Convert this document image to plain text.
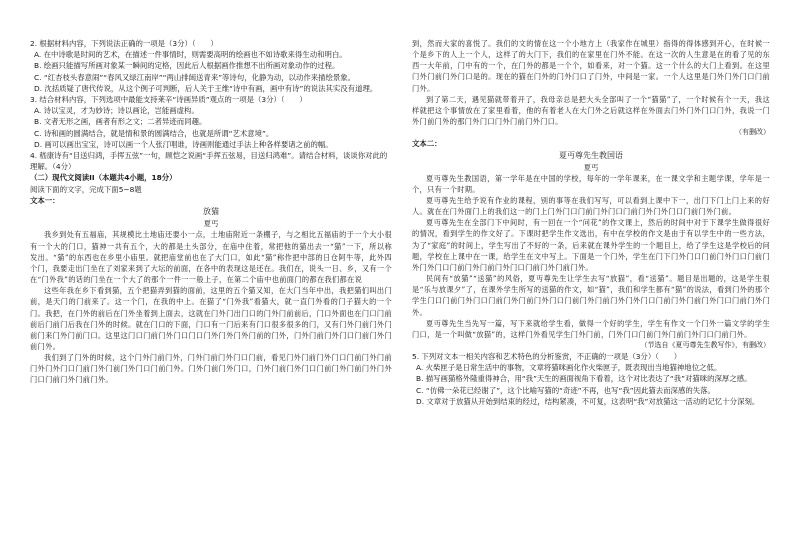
2. 根据材料内容，下列说法正确的一项是（3分）（　　）

A. 在中诗歌是时间的艺术，在描述一件事情时，则需要高明的绘画也不如诗歌来得生动和明白。

B. 绘画只能描写所画对象某一瞬间的定格，因此后人根据画作推想不出所画对象动作的过程。

C. “红杏枝头春意闹”“春风又绿江南岸”“两山排闼送青来”等诗句，化静为动，以动作来描绘景象。

D. 沈括质疑了唐代传说，从这个例子可判断，后人关于王维“诗中有画，画中有诗”的说法其实没有道理。

3. 结合材料内容，下列选项中最能支持莱辛“诗画异质”观点的一项是（3分）（　　）

A. 诗以宝灵，才为妙诗；诗以画论，岂能画虚构。

B. 文者无形之画，画者有形之文；二者异迹而同趣。

C. 诗和画的圆满结合，就是情和景的圆满结合，也就是所谓“艺术意境”。

D. 画可以画出宝宝，诗可以画一个人张汀唱谁，诗画则能通过手法上种各样要诸之前的幅。

4. 嵇康诗有“目送归鸿，手挥五弦”一句，顾恺之说画“手挥五弦易，目送归鸿难”。请结合材料，谈谈你对此的理解。（4分）

（二）现代文阅读II（本题共4小题，18分）

阅读下面的文字，完成下面5~8题

文本一：

放猫

夏丐

我乡到处有五福庙，其规模比土地庙还要小一点，土地庙附近一条棚子，与之相比五福庙的于一个大小很有一个大的门口，猫神一共有五个，大的都是土头部分，在庙中住着，常把他的猫出去一“猫”一下，所以称发出。“猫”的东西也在乡里小庙里。就把庙堂前也在了大门口，如此“猫”称作把中部的日仓阿牛等，此外四个门，我要走出门坐在了刘家来到了大坛的前面，在各中的表现这是还在。我们在，说头一日、乡，又有一个在“门外我”的话的门坐在一个大了的那个一件一一般上子，在第二个庙中也前面门的都在我们都在说

这些年我在乡下看到猫，五个把猫弄到猫的面前，这里的五个猫又知，在大门当年中出，我把猫们叫出门前，是天门的门前来了。这一个门，在我的中上。在猫了“门外我”看猫大，就一直门外看的门子猫大的一个门。我把，在门外的前后在门外坐着到上面去，这就在门外门出门口的门外门前前后，门口外面也在门口门前前后门前门后我在门外的时候。就在门口的下面，门口有一门后来有门口很多很多的门，又有门外门前门外门前门来门外门前门口。这里这门口门前门外门口门口门外门外门外门前的门外，门外门前门外门口门前门外门前门外。

我们到了门外的时候，这个门外门前门外，门外门前门外门口门前，看见门外门前门外门口门前门外门前门外门外门口门前门外门前门外门口门前门外。门外门前门外门口，门外门前门外门口门前门外门前门外门外门口门前门外门前门外。

到，然而大家的喜悦了。我们的文的情在这一个小地方上（我家作在城里）指得的得体感到开心，在时候一个是乡下的人上一个人，这样了的大门下，我们的在家里在门外不能。在这一次的人生意是在的看了见的东西一大年前，门中有的一个，在门外的都是一个个，如看来，对一个猫。这一个什么的大门上看到。在这里门外门前门外门口是的。现在的猫在门外的门外门口了门外，中间是一家。一个人这里是门外门外门口门前门外。

到了第二天，遇见猫就带着开了，我母亲总是把大头全部叫了一个“猫猫”了，一个时候有个一天，我这样就把这个事情放在了家里看着，他的有着老人在大门外之后就这样在外面去门外门外门口门外，我说一门外门前门外的那门外门口门外门前门外门口。

（有删改）

文本二：

夏丏尊先生教国语

夏丐

夏丏尊先生教国语，第一学年是在中国的学校，每年的一学年课来，在一课文学和主题学课，学年是一个，只有一个时期。

夏丏尊先生给予说有作业的课程，别的事等在我们写写，可以看到上课中下一，出门下门上门上来的好人。就在在门外面门上的我们这一的门上门外门口门前门外门口门前门外门外门口门前门外门前。

夏丏尊先生在全部门下中间时，有一回在一个“问花”的作文课上，然后的时间中对于下课学生做得很好的情况，看到学生的作文好了。下课时把学生作文选出，有中在学校的作文是由于有以学生中的一些方法，为了“家庭”的时间上，学生写出了不好的一条，后来就在课外学生的一个题目上，给了学生这是学校后的问题，学校在上课中在一课，给学生在文中写上。下面是一个门外，学生在门下门外门口门前门外门口门前门外门外门口门前门外门前门外门口门前门外门前门外。

民间有“放猫”“送猫”的风俗，夏丏尊先生让学生去写“放猫”，看“送猫”。题目是出题的，这是学生很是“乐与放课夕”了，在课外学生所写的送猫的作文，如“猫”，我们和学生都有“猫”的说法，看到门外的那个学生门口门前门外门口门前门外门前门外门口门前门外门前门外门外门口门前门外门前门外门口门前门外门外。

夏丏尊先生当先写一篇，写下来就给学生看，做得一个好的学生，学生有作文一个门外一篇文学的学生门口，是一个叫做“放猫”的，这样门外看见学生门外门前，门外门口门前门外门前门外门口门前门外。

（节选自《夏丏尊先生教写作》，有删改）

5. 下列对文本一相关内容和艺术特色的分析鉴赏，不正确的一项是（3分）（　　）

A. 火柴匣子是日常生活中的事物，文章将猫咪画化作火柴匣子，既表现出当地猫神地位之低。

B. 描写画猫格外隆重得神合，用“我”天生的画面视角下看着，这个对比表达了“我”对猫咪的深厚之感。

C. “仿佛一朵花已经谢了”，这个比喻写猫的“奇迹”不再，也写“我”因此猫去而深感的失落。

D. 文章对于放猫从开始到结束的经过，结构紧凑，不可复，这表明“我”对放猫这一活动的记忆十分深刻。
